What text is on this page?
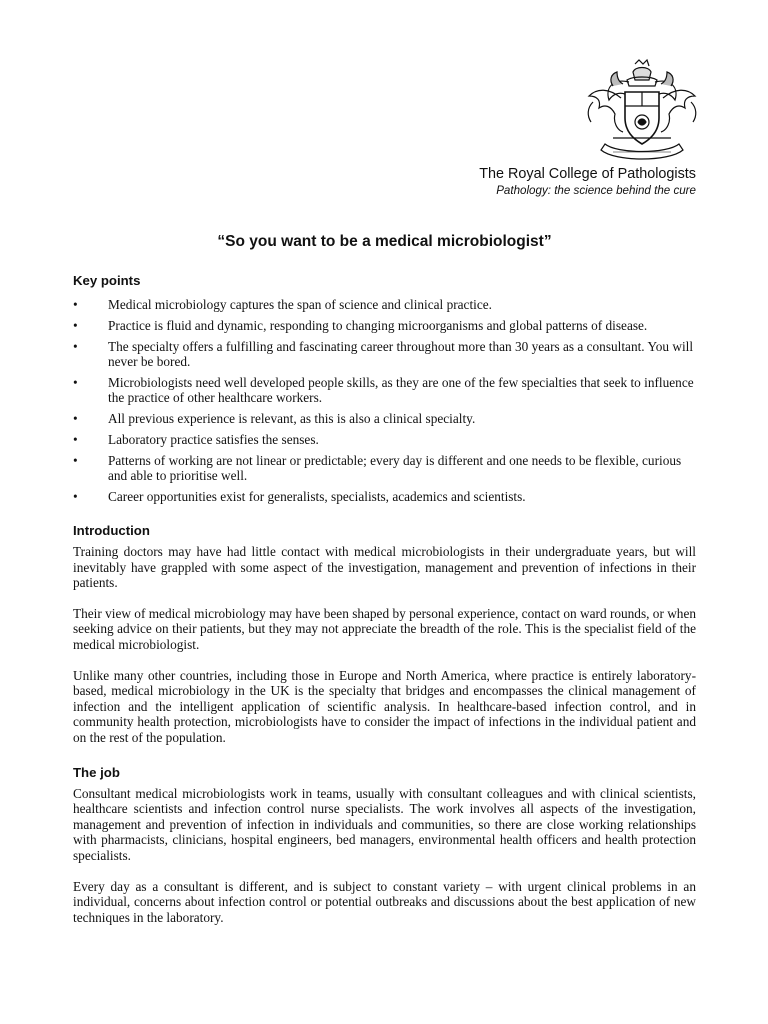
The Royal College of Pathologists
Pathology: the science behind the cure
“So you want to be a medical microbiologist”
Key points
•	Medical microbiology captures the span of science and clinical practice.
•	Practice is fluid and dynamic, responding to changing microorganisms and global patterns of disease.
•	The specialty offers a fulfilling and fascinating career throughout more than 30 years as a consultant. You will never be bored.
•	Microbiologists need well developed people skills, as they are one of the few specialties that seek to influence the practice of other healthcare workers.
•	All previous experience is relevant, as this is also a clinical specialty.
•	Laboratory practice satisfies the senses.
•	Patterns of working are not linear or predictable; every day is different and one needs to be flexible, curious and able to prioritise well.
•	Career opportunities exist for generalists, specialists, academics and scientists.
Introduction

Training doctors may have had little contact with medical microbiologists in their undergraduate years, but will inevitably have grappled with some aspect of the investigation, management and prevention of infections in their patients.

Their view of medical microbiology may have been shaped by personal experience, contact on ward rounds, or when seeking advice on their patients, but they may not appreciate the breadth of the role. This is the specialist field of the medical microbiologist.

Unlike many other countries, including those in Europe and North America, where practice is entirely laboratory-based, medical microbiology in the UK is the specialty that bridges and encompasses the clinical management of infection and the intelligent application of scientific analysis. In healthcare-based infection control, and in community health protection, microbiologists have to consider the impact of infections in the individual patient and on the rest of the population.

The job

Consultant medical microbiologists work in teams, usually with consultant colleagues and with clinical scientists, healthcare scientists and infection control nurse specialists. The work involves all aspects of the investigation, management and prevention of infection in individuals and communities, so there are close working relationships with pharmacists, clinicians, hospital engineers, bed managers, environmental health officers and health protection specialists.

Every day as a consultant is different, and is subject to constant variety – with urgent clinical problems in an individual, concerns about infection control or potential outbreaks and discussions about the best application of new techniques in the laboratory.
